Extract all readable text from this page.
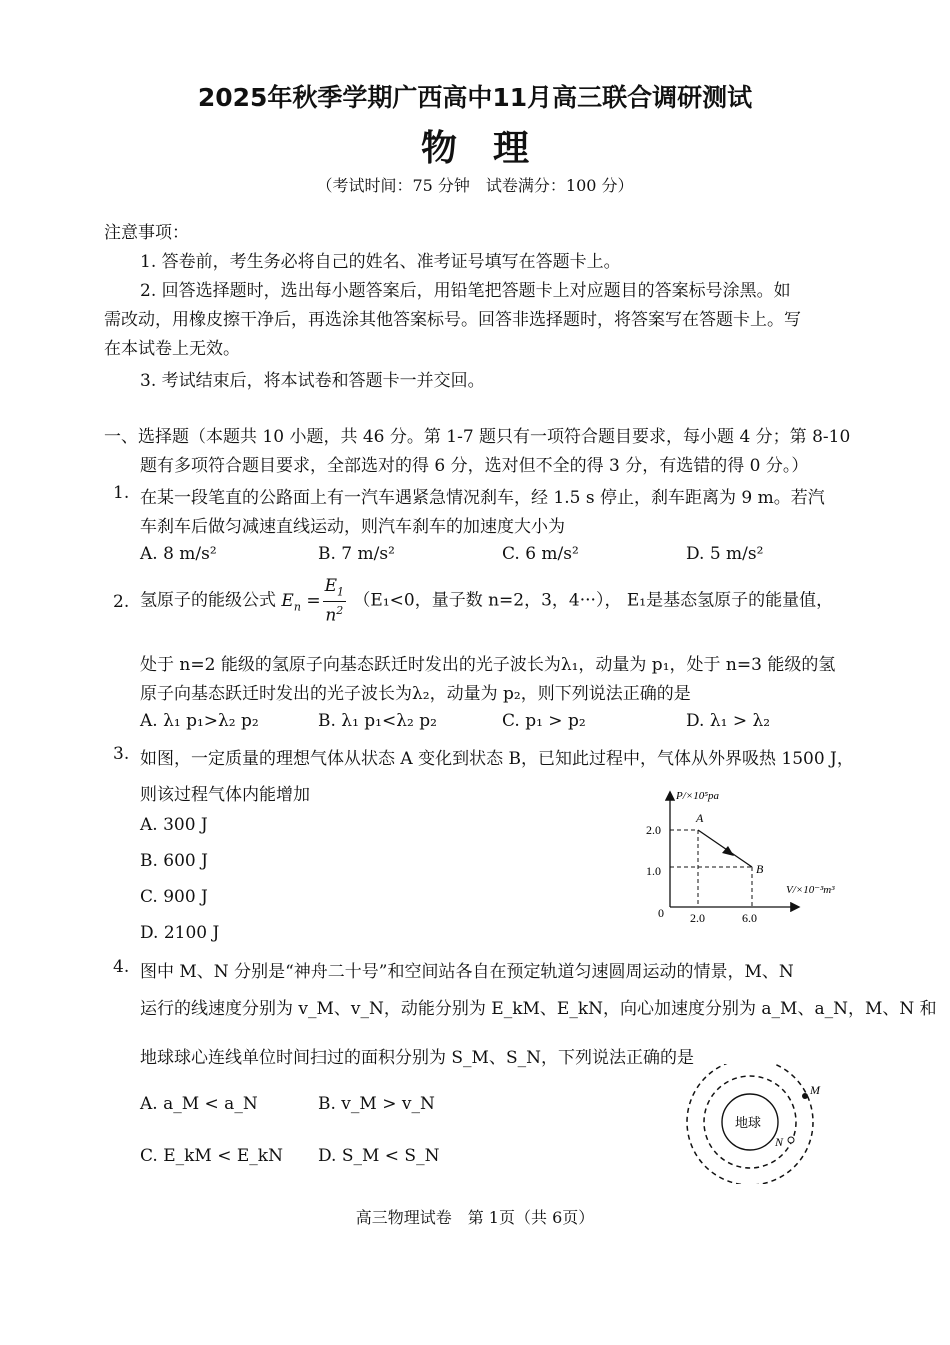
2025年秋季学期广西高中11月高三联合调研测试
物　理
（考试时间：75 分钟　试卷满分：100 分）
注意事项：
1. 答卷前，考生务必将自己的姓名、准考证号填写在答题卡上。
2. 回答选择题时，选出每小题答案后，用铅笔把答题卡上对应题目的答案标号涂黑。如
需改动，用橡皮擦干净后，再选涂其他答案标号。回答非选择题时，将答案写在答题卡上。写
在本试卷上无效。
3. 考试结束后，将本试卷和答题卡一并交回。
一、选择题（本题共 10 小题，共 46 分。第 1-7 题只有一项符合题目要求，每小题 4 分；第 8-10
题有多项符合题目要求，全部选对的得 6 分，选对但不全的得 3 分，有选错的得 0 分。）
1. 在某一段笔直的公路面上有一汽车遇紧急情况刹车，经 1.5 s 停止，刹车距离为 9 m。若汽
车刹车后做匀减速直线运动，则汽车刹车的加速度大小为
A. 8 m/s²	B. 7 m/s²	C. 6 m/s²	D. 5 m/s²
2. 氢原子的能级公式 $E_n = \frac{E_1}{n^2} (E_1<0$，量子数 n=2，3，4···）， E₁是基态氢原子的能量值，
处于 n=2 能级的氢原子向基态跃迁时发出的光子波长为λ₁，动量为 p₁，处于 n=3 能级的氢
原子向基态跃迁时发出的光子波长为λ₂，动量为 p₂，则下列说法正确的是
A. λ₁ p₁>λ₂ p₂	B. λ₁ p₁<λ₂ p₂	C. p₁ > p₂	D. λ₁ > λ₂
3. 如图，一定质量的理想气体从状态 A 变化到状态 B，已知此过程中，气体从外界吸热 1500 J，
则该过程气体内能增加
A. 300 J
B. 600 J
C. 900 J
D. 2100 J
P/×10⁵pa
V/×10⁻³m³
0
2.0
1.0
2.0	6.0
A
B
4. 图中 M、N 分别是“神舟二十号”和空间站各自在预定轨道匀速圆周运动的情景，M、N
运行的线速度分别为 v_M、v_N，动能分别为 E_kM、E_kN，向心加速度分别为 a_M、a_N，M、N 和
地球球心连线单位时间扫过的面积分别为 S_M、S_N，下列说法正确的是
A. a_M < a_N	B. v_M > v_N
C. E_kM < E_kN D. S_M < S_N
地球
M
N
高三物理试卷　第 1页（共 6页）
